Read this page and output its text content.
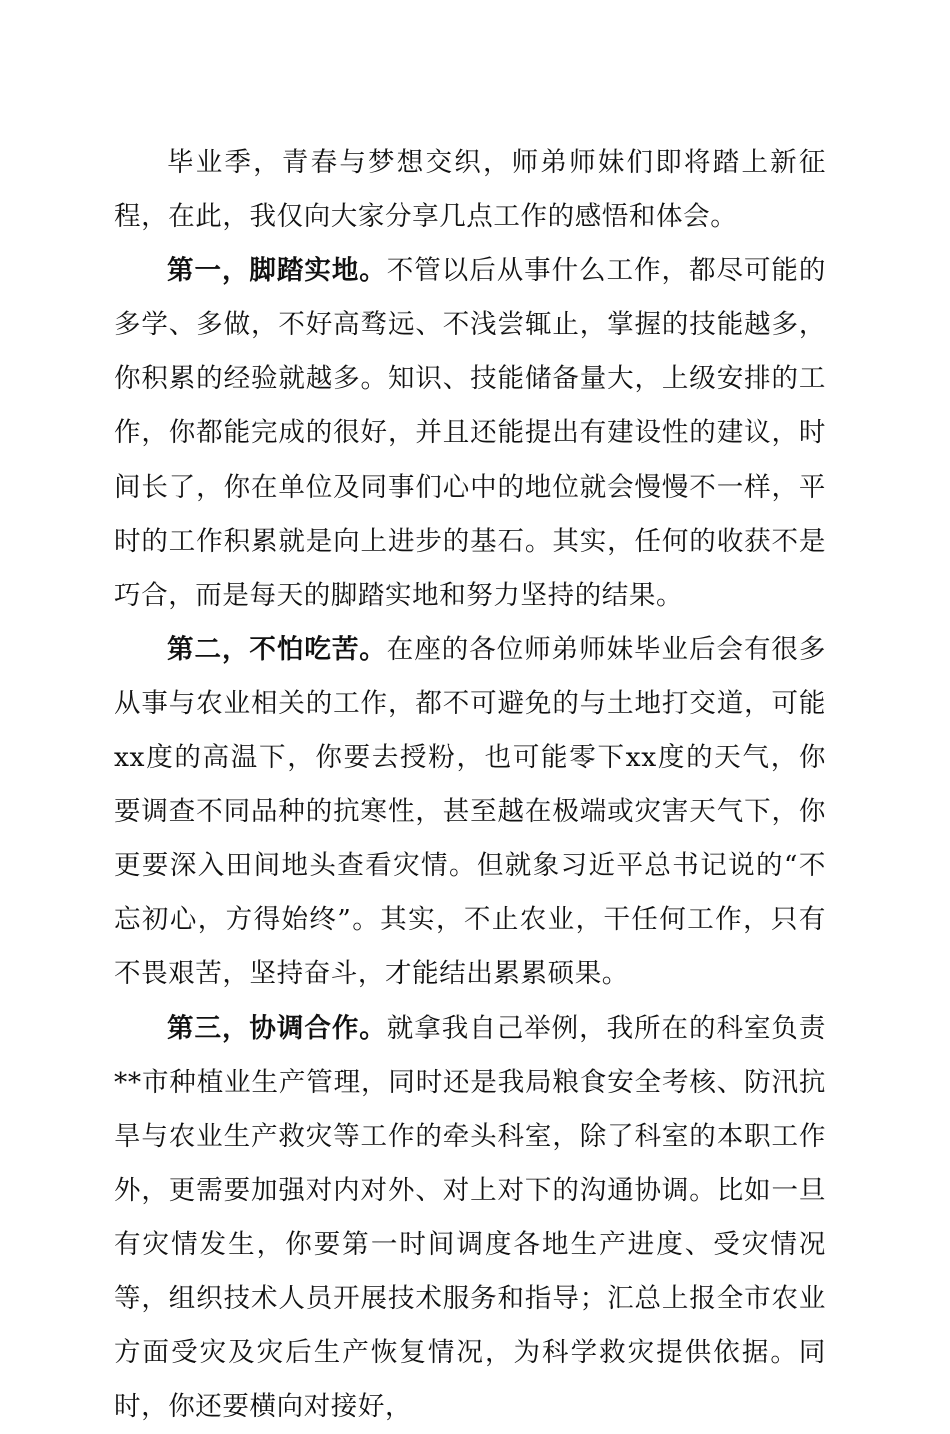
毕业季，青春与梦想交织，师弟师妹们即将踏上新征程，在此，我仅向大家分享几点工作的感悟和体会。

第一，脚踏实地。不管以后从事什么工作，都尽可能的多学、多做，不好高骛远、不浅尝辄止，掌握的技能越多，你积累的经验就越多。知识、技能储备量大，上级安排的工作，你都能完成的很好，并且还能提出有建设性的建议，时间长了，你在单位及同事们心中的地位就会慢慢不一样，平时的工作积累就是向上进步的基石。其实，任何的收获不是巧合，而是每天的脚踏实地和努力坚持的结果。

第二，不怕吃苦。在座的各位师弟师妹毕业后会有很多从事与农业相关的工作，都不可避免的与土地打交道，可能xx度的高温下，你要去授粉，也可能零下xx度的天气，你要调查不同品种的抗寒性，甚至越在极端或灾害天气下，你更要深入田间地头查看灾情。但就象习近平总书记说的“不忘初心，方得始终”。其实，不止农业，干任何工作，只有不畏艰苦，坚持奋斗，才能结出累累硕果。

第三，协调合作。就拿我自己举例，我所在的科室负责**市种植业生产管理，同时还是我局粮食安全考核、防汛抗旱与农业生产救灾等工作的牵头科室，除了科室的本职工作外，更需要加强对内对外、对上对下的沟通协调。比如一旦有灾情发生，你要第一时间调度各地生产进度、受灾情况等，组织技术人员开展技术服务和指导；汇总上报全市农业方面受灾及灾后生产恢复情况，为科学救灾提供依据。同时，你还要横向对接好，
